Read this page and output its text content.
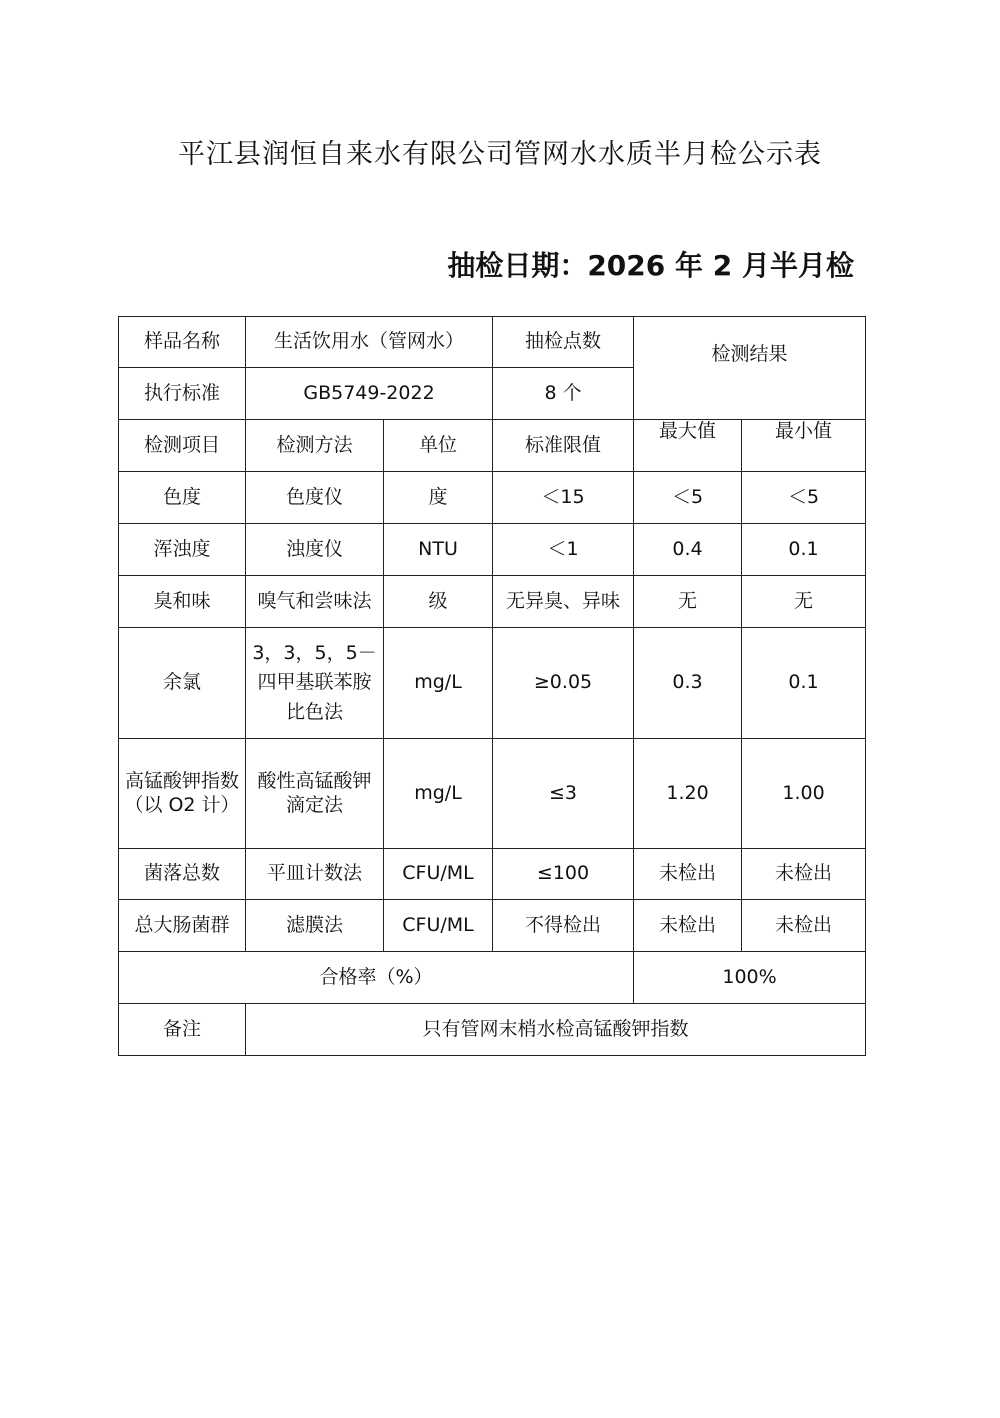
平江县润恒自来水有限公司管网水水质半月检公示表
抽检日期：2026 年 2 月半月检
样品名称	生活饮用水（管网水）		抽检点数	检测结果	
执行标准	GB5749-2022		8 个		
检测项目	检测方法	单位	标准限值	最大值	最小值
色度	色度仪	度	＜15	＜5	＜5
浑浊度	浊度仪	NTU	＜1	0.4	0.1
臭和味	嗅气和尝味法	级	无异臭、异味	无	无
余氯	3，3，5，5－四甲基联苯胺比色法	mg/L	≥0.05	0.3	0.1
高锰酸钾指数（以 O2 计）	酸性高锰酸钾滴定法	mg/L	≤3	1.20	1.00
菌落总数	平皿计数法	CFU/ML	≤100	未检出	未检出
总大肠菌群	滤膜法	CFU/ML	不得检出	未检出	未检出
合格率（%）				100%	
备注	只有管网末梢水检高锰酸钾指数				
